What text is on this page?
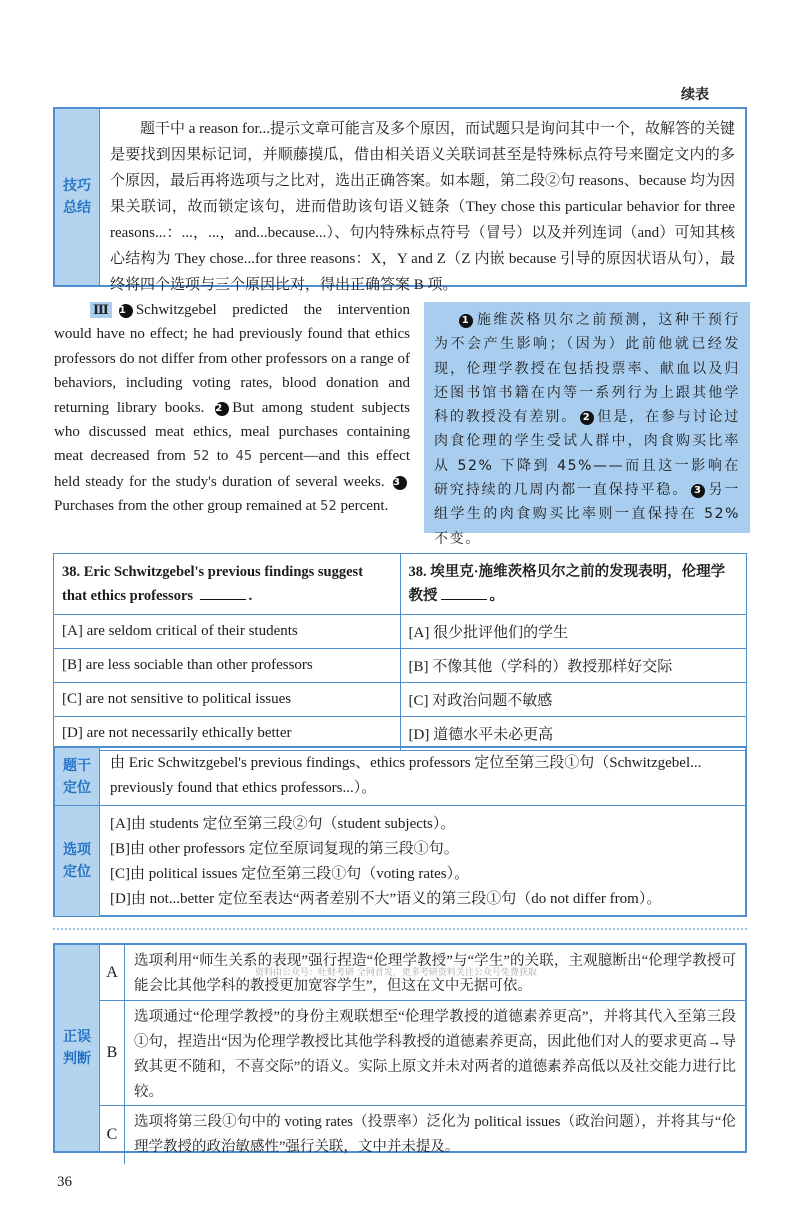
续表
技巧
总结

题干中 a reason for...提示文章可能言及多个原因，而试题只是询问其中一个，故解答的关键是要找到因果标记词，并顺藤摸瓜，借由相关语义关联词甚至是特殊标点符号来圈定文内的多个原因，最后再将选项与之比对，选出正确答案。如本题，第二段②句 reasons、because 均为因果关联词，故而锁定该句，进而借助该句语义链条（They chose this particular behavior for three reasons...：...，...，and...because...）、句内特殊标点符号（冒号）以及并列连词（and）可知其核心结构为 They chose...for three reasons：X，Y and Z（Z 内嵌 because 引导的原因状语从句），最终将四个选项与三个原因比对，得出正确答案 B 项。

Ⅲ 1 Schwitzgebel predicted the intervention would have no effect; he had previously found that ethics professors do not differ from other professors on a range of behaviors, including voting rates, blood donation and returning library books. 2 But among student subjects who discussed meat ethics, meal purchases containing meat decreased from 52 to 45 percent—and this effect held steady for the study's duration of several weeks. 3Purchases from the other group remained at 52 percent.
1 施维茨格贝尔之前预测，这种干预行为不会产生影响；（因为）此前他就已经发现，伦理学教授在包括投票率、献血以及归还图书馆书籍在内等一系列行为上跟其他学科的教授没有差别。 2 但是，在参与讨论过肉食伦理的学生受试人群中，肉食购买比率从 52% 下降到 45%——而且这一影响在研究持续的几周内都一直保持平稳。 3 另一组学生的肉食购买比率则一直保持在 52% 不变。
38. Eric Schwitzgebel's previous findings suggest that ethics professors .	38. 埃里克·施维茨格贝尔之前的发现表明，伦理学教授 。
[A] are seldom critical of their students	[A] 很少批评他们的学生
[B] are less sociable than other professors	[B] 不像其他（学科的）教授那样好交际
[C] are not sensitive to political issues	[C] 对政治问题不敏感
[D] are not necessarily ethically better	[D] 道德水平未必更高
题干
定位
由 Eric Schwitzgebel's previous findings、ethics professors 定位至第三段①句（Schwitzgebel... previously found that ethics professors...）。
选项
定位
[A]由 students 定位至第三段②句（student subjects）。
[B]由 other professors 定位至原词复现的第三段①句。
[C]由 political issues 定位至第三段①句（voting rates）。
[D]由 not...better 定位至表达“两者差别不大”语义的第三段①句（do not differ from）。
正误
判断
A
选项利用“师生关系的表现”强行捏造“伦理学教授”与“学生”的关联，主观臆断出“伦理学教授可能会比其他学科的教授更加宽容学生”，但这在文中无据可依。
资料由公众号：吐财考研 全网首发，更多考研资料关注公众号免费获取
B
选项通过“伦理学教授”的身份主观联想至“伦理学教授的道德素养更高”，并将其代入至第三段①句，捏造出“因为伦理学教授比其他学科教授的道德素养更高，因此他们对人的要求更高→导致其更不随和，不喜交际”的语义。实际上原文并未对两者的道德素养高低以及社交能力进行比较。
C
选项将第三段①句中的 voting rates（投票率）泛化为 political issues（政治问题），并将其与“伦理学教授的政治敏感性”强行关联，文中并未提及。
36
